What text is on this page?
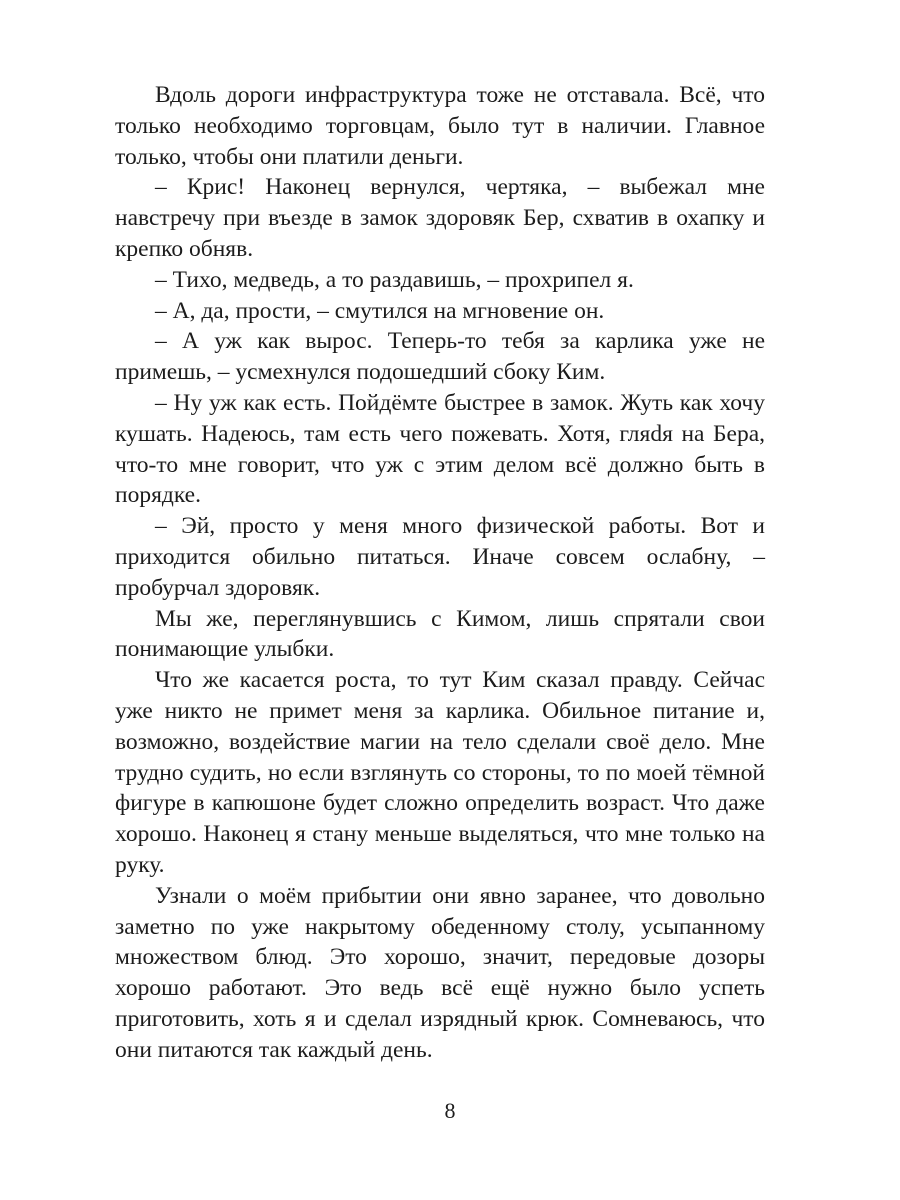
Вдоль дороги инфраструктура тоже не отставала. Всё, что только необходимо торговцам, было тут в наличии. Главное только, чтобы они платили деньги.

– Крис! Наконец вернулся, чертяка, – выбежал мне навстречу при въезде в замок здоровяк Бер, схватив в охапку и крепко обняв.

– Тихо, медведь, а то раздавишь, – прохрипел я.

– А, да, прости, – смутился на мгновение он.

– А уж как вырос. Теперь-то тебя за карлика уже не примешь, – усмехнулся подошедший сбоку Ким.

– Ну уж как есть. Пойдёмте быстрее в замок. Жуть как хочу кушать. Надеюсь, там есть чего пожевать. Хотя, гляdя на Бера, что-то мне говорит, что уж с этим делом всё должно быть в порядке.

– Эй, просто у меня много физической работы. Вот и приходится обильно питаться. Иначе совсем ослабну, – пробурчал здоровяк.

Мы же, переглянувшись с Кимом, лишь спрятали свои понимающие улыбки.

Что же касается роста, то тут Ким сказал правду. Сейчас уже никто не примет меня за карлика. Обильное питание и, возможно, воздействие магии на тело сделали своё дело. Мне трудно судить, но если взглянуть со стороны, то по моей тёмной фигуре в капюшоне будет сложно определить возраст. Что даже хорошо. Наконец я стану меньше выделяться, что мне только на руку.

Узнали о моём прибытии они явно заранее, что довольно заметно по уже накрытому обеденному столу, усыпанному множеством блюд. Это хорошо, значит, передовые дозоры хорошо работают. Это ведь всё ещё нужно было успеть приготовить, хоть я и сделал изрядный крюк. Сомневаюсь, что они питаются так каждый день.

8
